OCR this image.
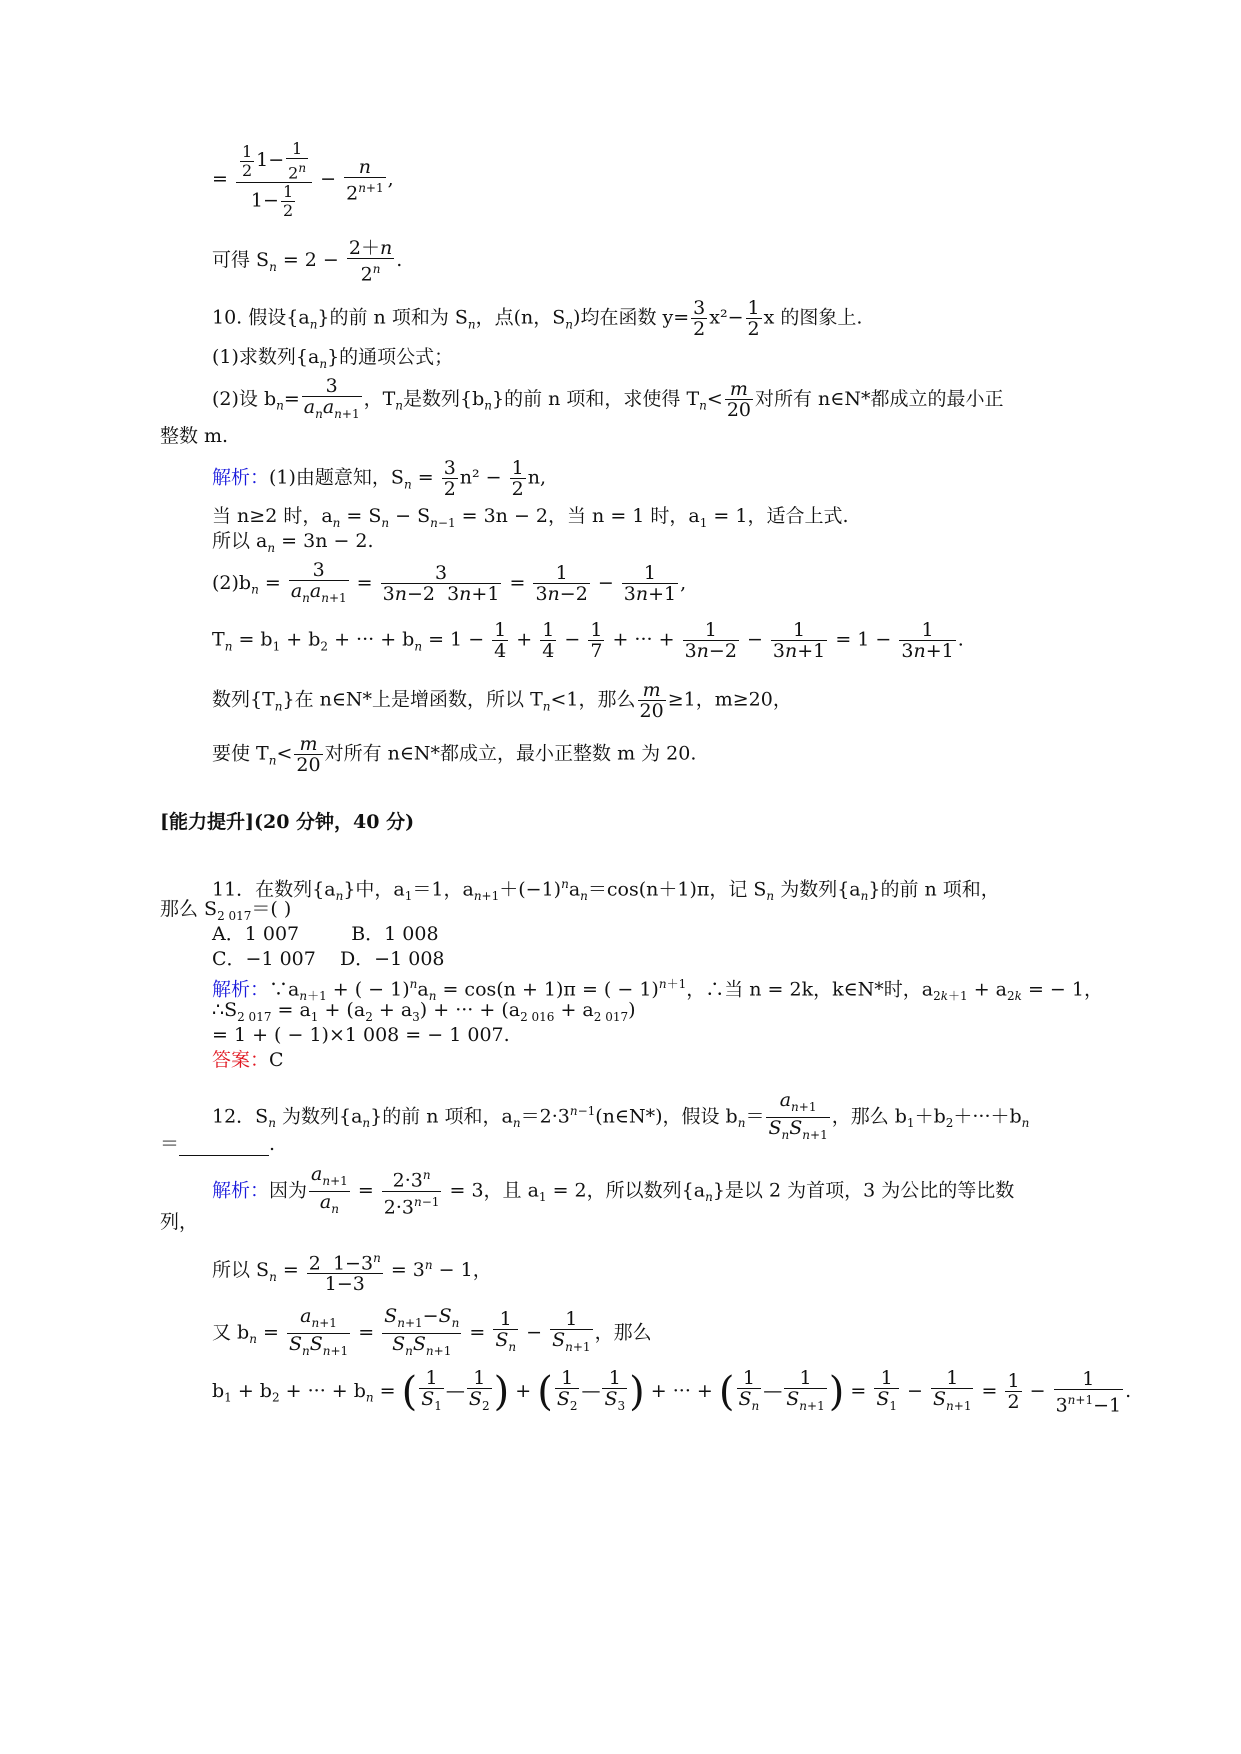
= $\frac{\frac{1}{2} 1- \frac{1}{2^n}}{1- \frac{1}{2}} - \frac{n}{2^{n+1}}$ ,
可得 $S_n = 2 - \frac{2+n}{2^n}$ .
10. 假设$\{a_n\}$的前 n 项和为 $S_n$，点(n，$S_n$)均在函数 $y= \frac{3}{2} x^2- \frac{1}{2}$ x 的图象上.
(1)求数列$\{a_n\}$的通项公式；
(2)设 $b_n= \frac{3}{a_na_{n+1}}$ ，$T_n$是数列$\{b_n\}$的前 n 项和，求使得 $T_n< \frac{m}{20}$ 对所有 n∈N*都成立的最小正
整数 m.
解析：(1)由题意知，$S_n = \frac{3}{2} n^2 - \frac{1}{2} n$,
当 n≥2 时，$a_n = S_n - S_{n-1} = 3n - 2$，当 n = 1 时，$a_1 = 1$，适合上式.
所以 $a_n = 3n - 2$.
$(2)b_n = \frac{3}{a_na_{n+1}} = \frac{3}{3n-2 3n+1} = \frac{1}{3n-2} - \frac{1}{3n+1}$ ,
$T_n = b_1 + b_2$ + ··· + $b_n = 1 - \frac{1}{4} + \frac{1}{4} - \frac{1}{7}$ + ··· + $\frac{1}{3n-2} - \frac{1}{3n+1} = 1 - \frac{1}{3n+1}$ .
数列$\{T_n\}$在 n∈N*上是增函数，所以 $T_n<1$，那么 $\frac{m}{20} \ge 1$，m≥20，
要使 $T_n< \frac{m}{20}$ 对所有 n∈N*都成立，最小正整数 m 为 20.
[能力提升](20 分钟，40 分)
11．在数列$\{a_n\}$中，$a_1=1$，$a_{n+1}+(-1)^na_n=\cos(n+1)\pi$，记 $S_n$ 为数列$\{a_n\}$的前 n 项和，
那么 $S_{2 017}=$( )
A．1 007	B．1 008
C．−1 007 D．−1 008
解析：$\because a_{n+1}$ + ( − $1)^na_n = \cos(n + 1)\pi$ = ( − 1)$^{n+1}$，∴当 n = 2k，k∈N*时，$a_{2k+1} + a_{2k}$ = − 1，
$\therefore S_{2 017} = a_1 + (a_2 + a_3)$ + ··· + $(a_{2 016} + a_{2 017})$
= 1 + ( − 1)×1 008 = − 1 007.
答案：C
12．$S_n$ 为数列$\{a_n\}$的前 n 项和，$a_n=2\cdot 3^{n-1}(n\in N*)$，假设 $b_n= \frac{a_{n+1}}{S_nS_{n+1}}$ ，那么 $b_1+b_2+\cdot\cdot\cdot+b_n$
＝	.
解析：因为 $\frac{a_{n+1}}{a_n} = \frac{2\cdot 3^n}{2\cdot 3^{n-1}} = 3$，且 $a_1 = 2$，所以数列$\{a_n\}$是以 2 为首项，3 为公比的等比数
列，
所以 $S_n = \frac{2 1-3^n}{1-3} = 3^n - 1$，
又 $b_n = \frac{a_{n+1}}{S_nS_{n+1}} = \frac{S_{n+1}-S_n}{S_nS_{n+1}} = \frac{1}{S_n} - \frac{1}{S_{n+1}}$ ，那么
$b_1 + b_2$ + ··· + $b_n$ = ( $\frac{1}{S_1}$ — $\frac{1}{S_2}$ ) + ( $\frac{1}{S_2}$ — $\frac{1}{S_3}$ ) + ··· + ( $\frac{1}{S_n}$ — $\frac{1}{S_{n+1}}$ ) = $\frac{1}{S_1} - \frac{1}{S_{n+1}} = \frac{1}{2} - \frac{1}{3^{n+1}-1}$ .
